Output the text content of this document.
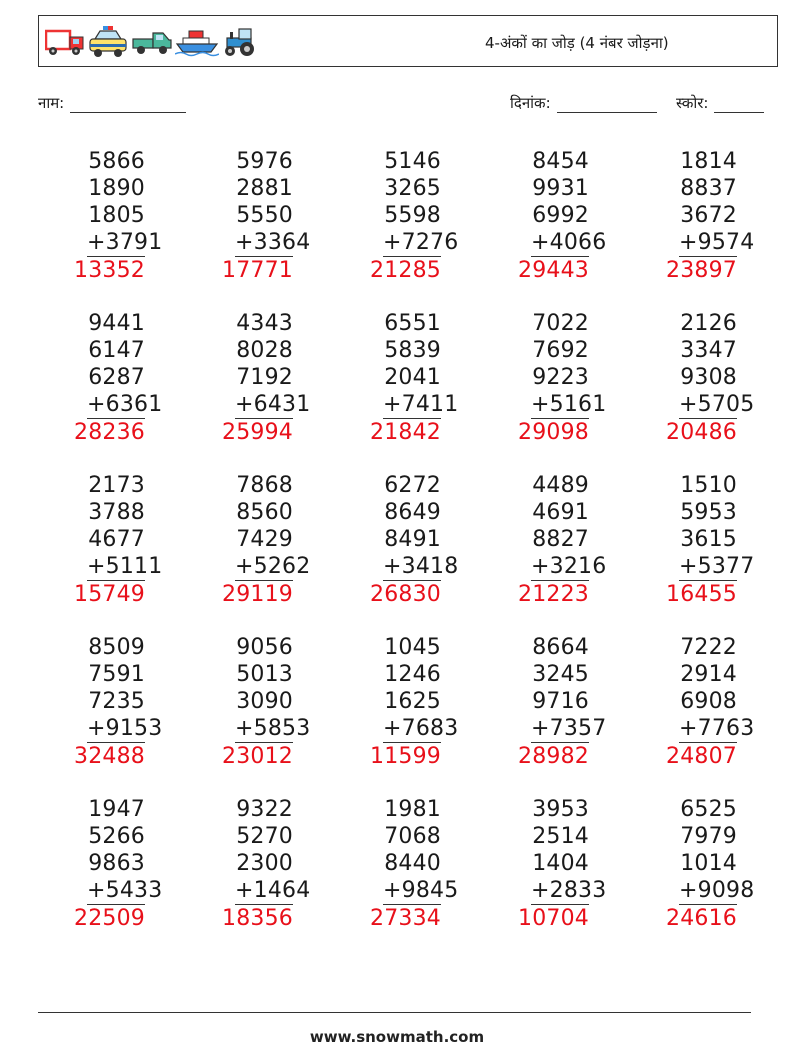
4-अंकों का जोड़ (4 नंबर जोड़ना)
नाम:	दिनांक:	स्कोर:
5866
1890
1805
+3791
13352
5976
2881
5550
+3364
17771
5146
3265
5598
+7276
21285
8454
9931
6992
+4066
29443
1814
8837
3672
+9574
23897
9441
6147
6287
+6361
28236
4343
8028
7192
+6431
25994
6551
5839
2041
+7411
21842
7022
7692
9223
+5161
29098
2126
3347
9308
+5705
20486
2173
3788
4677
+5111
15749
7868
8560
7429
+5262
29119
6272
8649
8491
+3418
26830
4489
4691
8827
+3216
21223
1510
5953
3615
+5377
16455
8509
7591
7235
+9153
32488
9056
5013
3090
+5853
23012
1045
1246
1625
+7683
11599
8664
3245
9716
+7357
28982
7222
2914
6908
+7763
24807
1947
5266
9863
+5433
22509
9322
5270
2300
+1464
18356
1981
7068
8440
+9845
27334
3953
2514
1404
+2833
10704
6525
7979
1014
+9098
24616
www.snowmath.com
